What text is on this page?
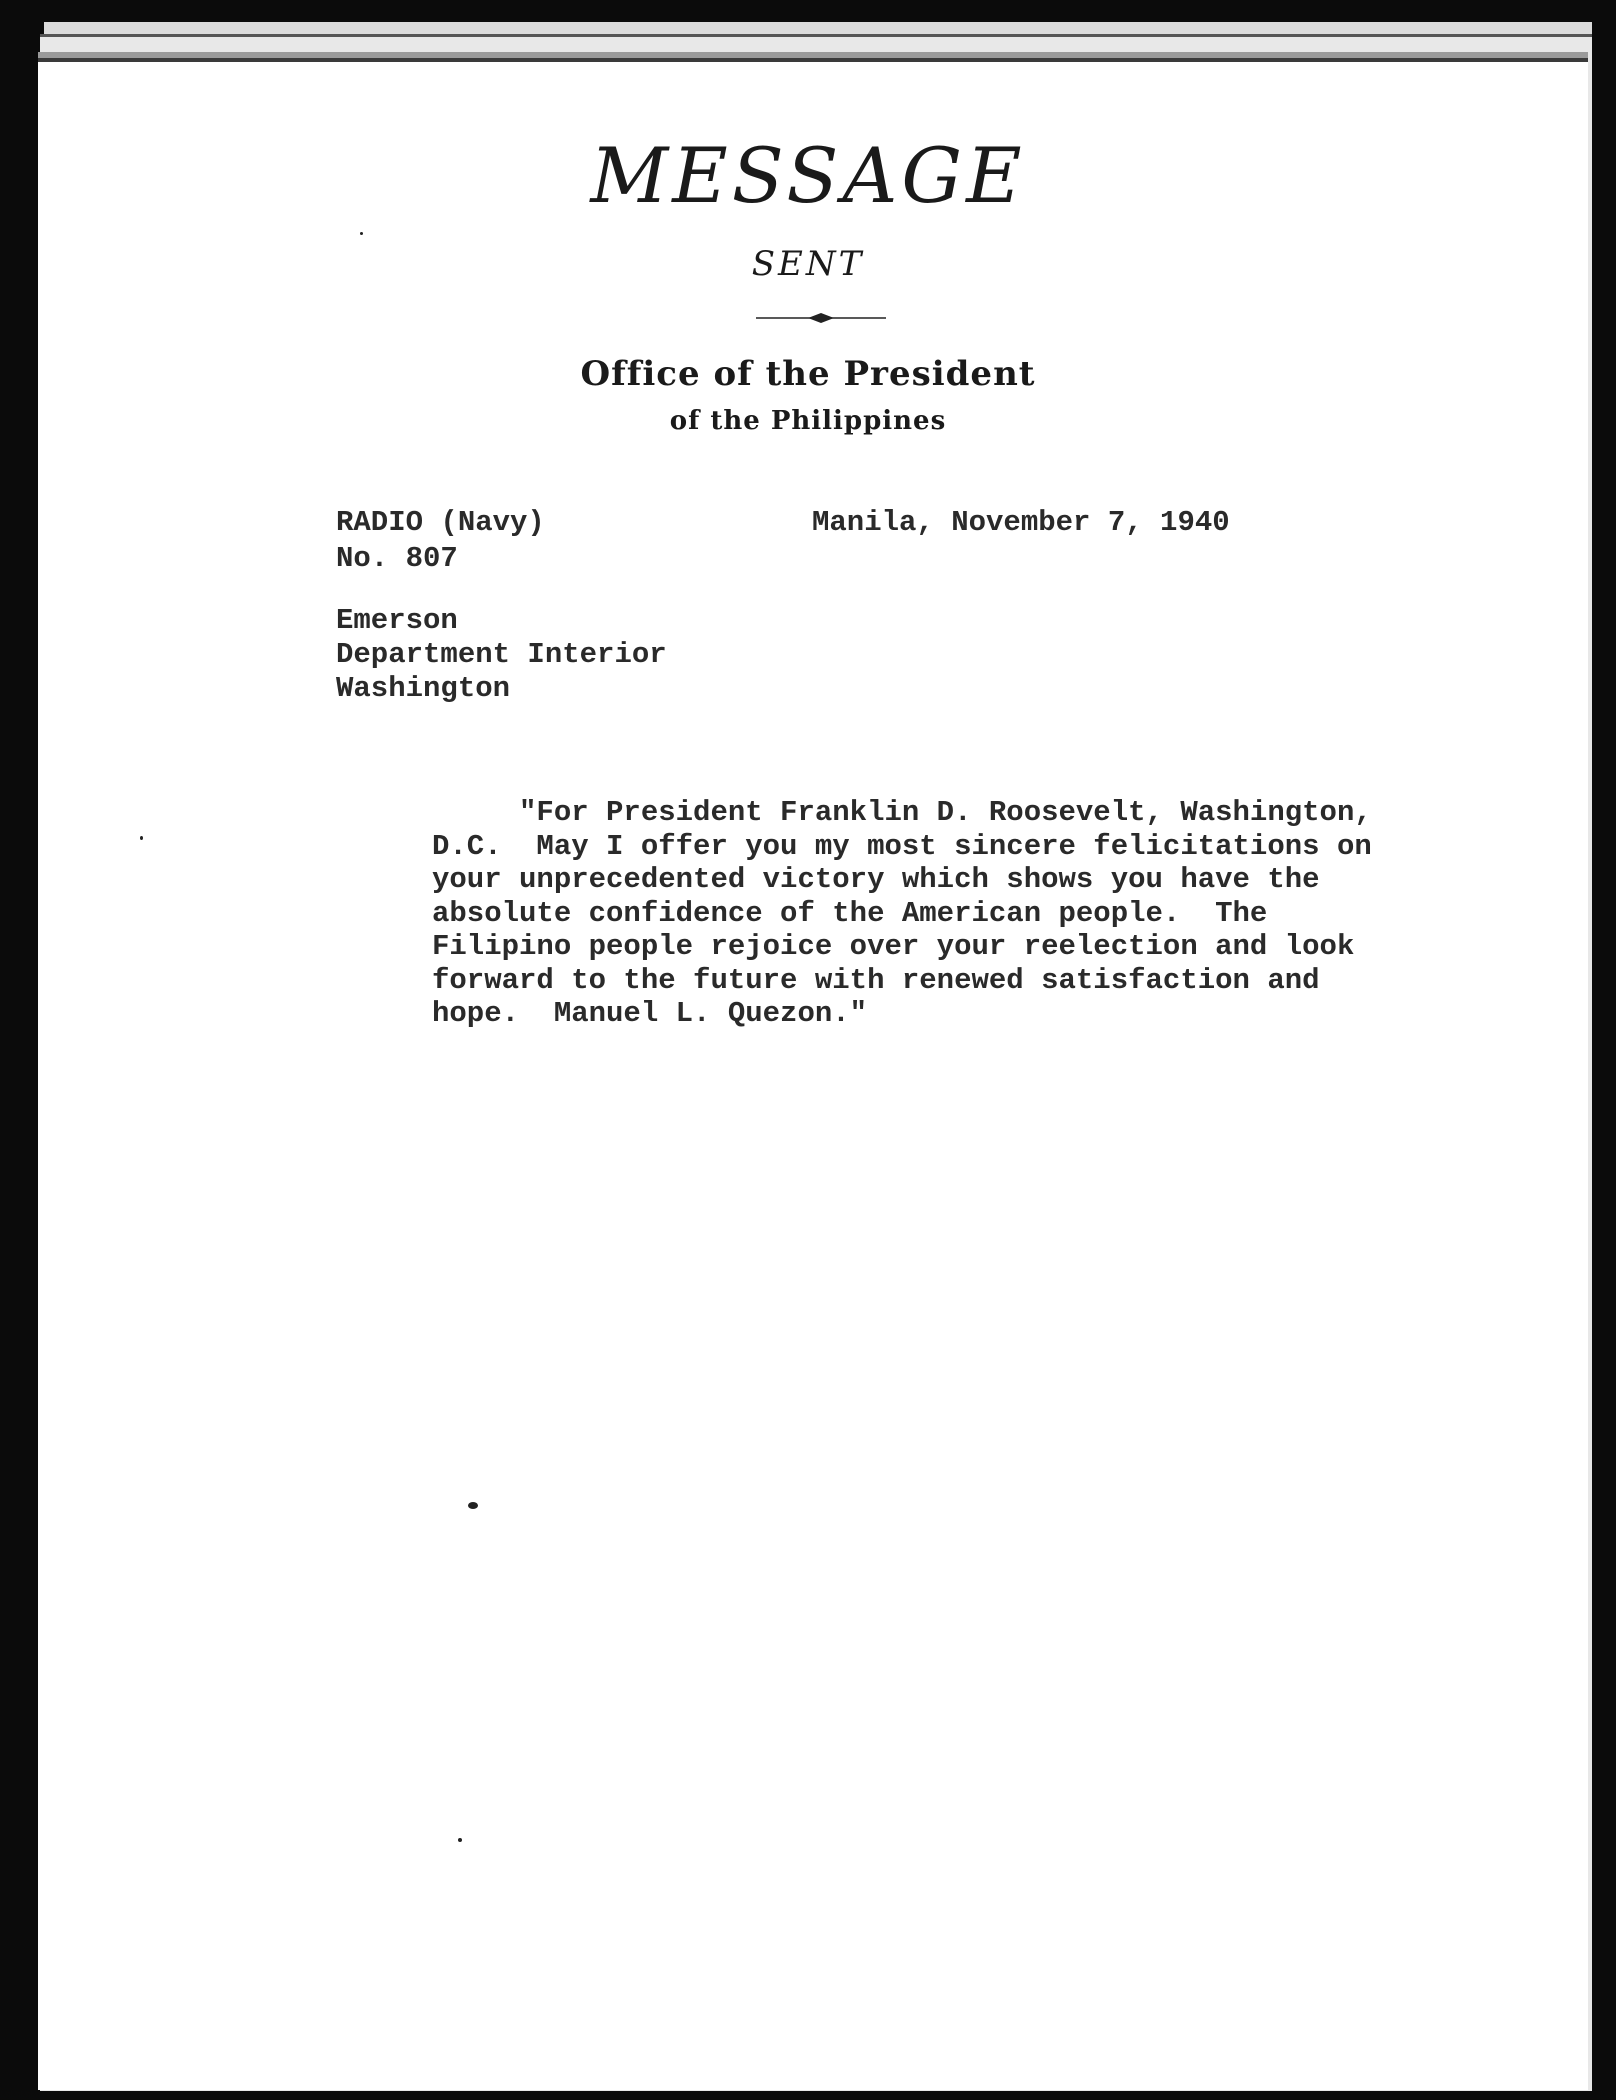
MESSAGE
SENT
Office of the President
of the Philippines
RADIO (Navy)
No. 807
Manila, November 7, 1940
Emerson
Department Interior
Washington
"For President Franklin D. Roosevelt, Washington,
D.C.  May I offer you my most sincere felicitations on
your unprecedented victory which shows you have the
absolute confidence of the American people.  The
Filipino people rejoice over your reelection and look
forward to the future with renewed satisfaction and
hope.  Manuel L. Quezon."
